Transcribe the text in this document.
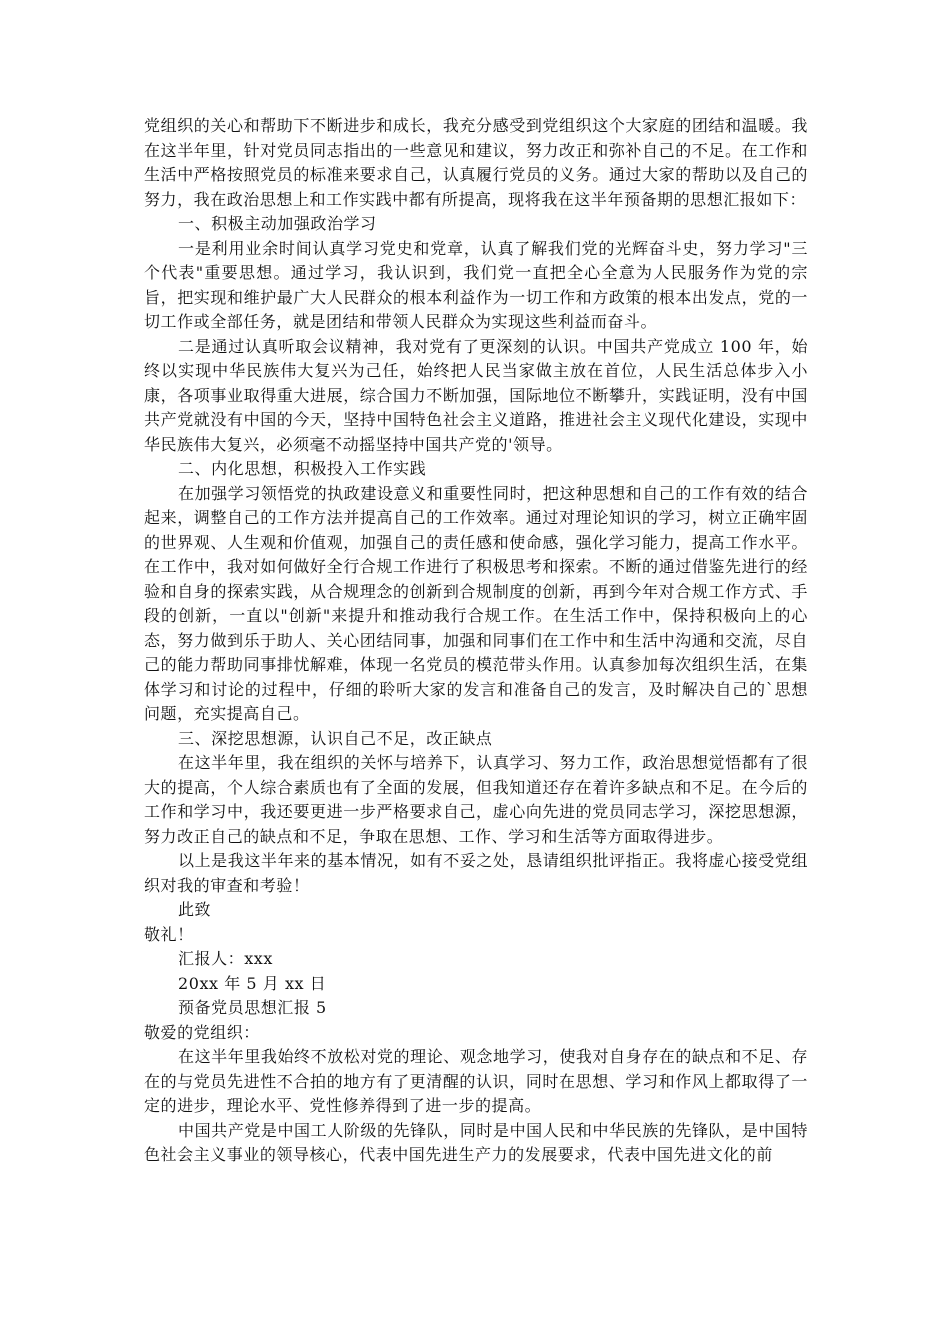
党组织的关心和帮助下不断进步和成长，我充分感受到党组织这个大家庭的团结和温暖。我在这半年里，针对党员同志指出的一些意见和建议，努力改正和弥补自己的不足。在工作和生活中严格按照党员的标准来要求自己，认真履行党员的义务。通过大家的帮助以及自己的努力，我在政治思想上和工作实践中都有所提高，现将我在这半年预备期的思想汇报如下：

一、积极主动加强政治学习

一是利用业余时间认真学习党史和党章，认真了解我们党的光辉奋斗史，努力学习"三个代表"重要思想。通过学习，我认识到，我们党一直把全心全意为人民服务作为党的宗旨，把实现和维护最广大人民群众的根本利益作为一切工作和方政策的根本出发点，党的一切工作或全部任务，就是团结和带领人民群众为实现这些利益而奋斗。

二是通过认真听取会议精神，我对党有了更深刻的认识。中国共产党成立 100 年，始终以实现中华民族伟大复兴为己任，始终把人民当家做主放在首位，人民生活总体步入小康，各项事业取得重大进展，综合国力不断加强，国际地位不断攀升，实践证明，没有中国共产党就没有中国的今天，坚持中国特色社会主义道路，推进社会主义现代化建设，实现中华民族伟大复兴，必须毫不动摇坚持中国共产党的'领导。

二、内化思想，积极投入工作实践

在加强学习领悟党的执政建设意义和重要性同时，把这种思想和自己的工作有效的结合起来，调整自己的工作方法并提高自己的工作效率。通过对理论知识的学习，树立正确牢固的世界观、人生观和价值观，加强自己的责任感和使命感，强化学习能力，提高工作水平。在工作中，我对如何做好全行合规工作进行了积极思考和探索。不断的通过借鉴先进行的经验和自身的探索实践，从合规理念的创新到合规制度的创新，再到今年对合规工作方式、手段的创新，一直以"创新"来提升和推动我行合规工作。在生活工作中，保持积极向上的心态，努力做到乐于助人、关心团结同事，加强和同事们在工作中和生活中沟通和交流，尽自己的能力帮助同事排忧解难，体现一名党员的模范带头作用。认真参加每次组织生活，在集体学习和讨论的过程中，仔细的聆听大家的发言和准备自己的发言，及时解决自己的`思想问题，充实提高自己。

三、深挖思想源，认识自己不足，改正缺点

在这半年里，我在组织的关怀与培养下，认真学习、努力工作，政治思想觉悟都有了很大的提高，个人综合素质也有了全面的发展，但我知道还存在着许多缺点和不足。在今后的工作和学习中，我还要更进一步严格要求自己，虚心向先进的党员同志学习，深挖思想源，努力改正自己的缺点和不足，争取在思想、工作、学习和生活等方面取得进步。

以上是我这半年来的基本情况，如有不妥之处，恳请组织批评指正。我将虚心接受党组织对我的审查和考验！

此致

敬礼！

汇报人：xxx

20xx 年 5 月 xx 日

预备党员思想汇报 5

敬爱的党组织：

在这半年里我始终不放松对党的理论、观念地学习，使我对自身存在的缺点和不足、存在的与党员先进性不合拍的地方有了更清醒的认识，同时在思想、学习和作风上都取得了一定的进步，理论水平、党性修养得到了进一步的提高。

中国共产党是中国工人阶级的先锋队，同时是中国人民和中华民族的先锋队，是中国特色社会主义事业的领导核心，代表中国先进生产力的发展要求，代表中国先进文化的前
